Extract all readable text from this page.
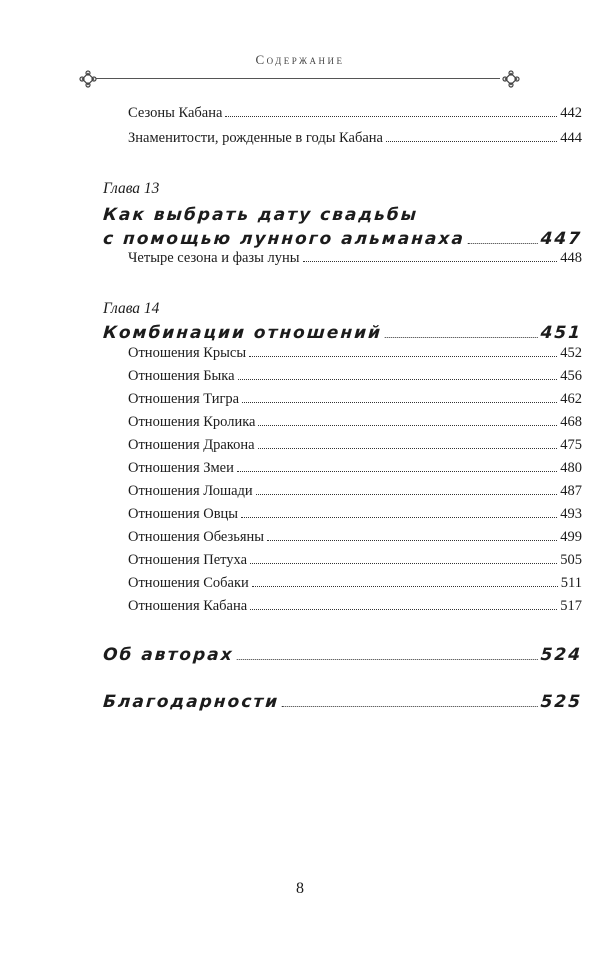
Содержание
Сезоны Кабана	442
Знаменитости, рожденные в годы Кабана	444
Глава 13
Как выбрать дату свадьбы
с помощью лунного альманаха	447
Четыре сезона и фазы луны	448
Глава 14
Комбинации отношений	451
Отношения Крысы	452
Отношения Быка	456
Отношения Тигра	462
Отношения Кролика	468
Отношения Дракона	475
Отношения Змеи	480
Отношения Лошади	487
Отношения Овцы	493
Отношения Обезьяны	499
Отношения Петуха	505
Отношения Собаки	511
Отношения Кабана	517
Об авторах	524
Благодарности	525
8
